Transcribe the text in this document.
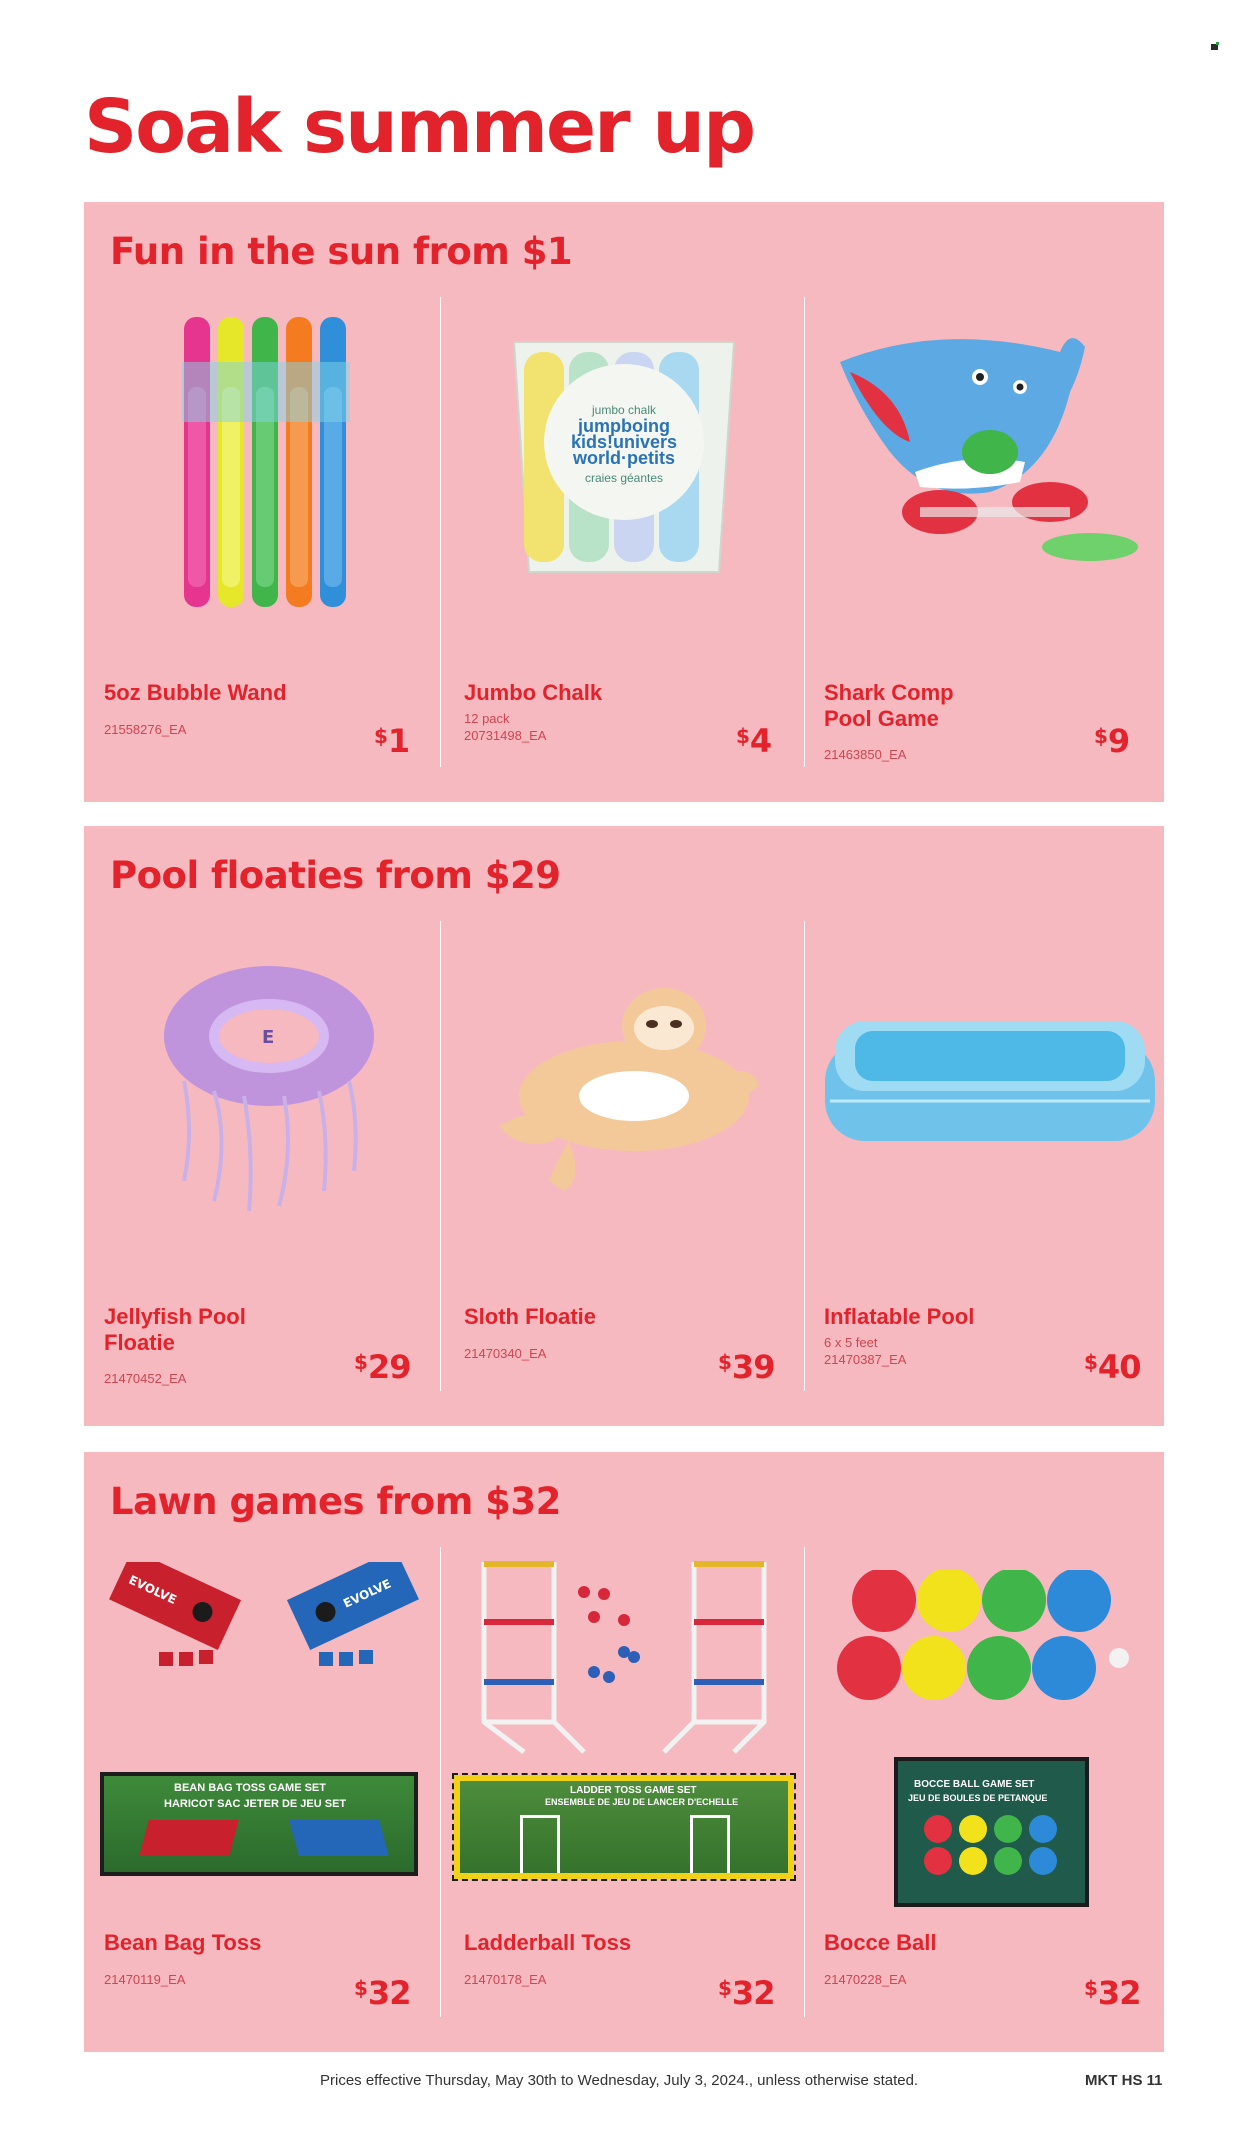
Soak summer up
Fun in the sun from $1
5oz Bubble Wand
21558276_EA	$1
jumbo chalk
jumpboing
kids!univers
world·petits
craies géantes
Jumbo Chalk
12 pack
20731498_EA	$4
Shark Comp Pool Game
21463850_EA
$9
Pool floaties from $29
E
Jellyfish Pool Floatie
21470452_EA
$29
Sloth Floatie
21470340_EA	$39
Inflatable Pool
6 x 5 feet
21470387_EA	$40
Lawn games from $32
EVOLVE	EVOLVE
BEAN BAG TOSS GAME SET
HARICOT SAC JETER DE JEU SET
Bean Bag Toss
21470119_EA	$32
LADDER TOSS GAME SET
ENSEMBLE DE JEU DE LANCER D'ECHELLE
Ladderball Toss
21470178_EA	$32
BOCCE BALL GAME SET
JEU DE BOULES DE PETANQUE
Bocce Ball
21470228_EA	$32
Prices effective Thursday, May 30th to Wednesday, July 3, 2024., unless otherwise stated.	MKT HS 11
